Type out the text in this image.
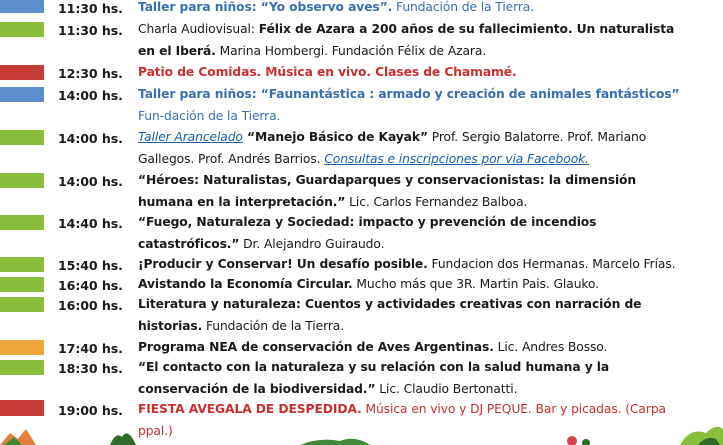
11:30 hs.	Taller para niños: “Yo observo aves”. Fundación de la Tierra.
11:30 hs.	Charla Audiovisual: Félix de Azara a 200 años de su fallecimiento. Un naturalista en el Iberá. Marina Hombergi. Fundación Félix de Azara.
12:30 hs.	Patio de Comidas. Música en vivo. Clases de Chamamé.
14:00 hs.	Taller para niños: “Faunantástica : armado y creación de animales fantásticos” Fun-dación de la Tierra.
14:00 hs.	Taller Arancelado “Manejo Básico de Kayak” Prof. Sergio Balatorre. Prof. Mariano Gallegos. Prof. Andrés Barrios. Consultas e inscripciones por via Facebook.
14:00 hs.	“Héroes: Naturalistas, Guardaparques y conservacionistas: la dimensión humana en la interpretación.” Lic. Carlos Fernandez Balboa.
14:40 hs.	“Fuego, Naturaleza y Sociedad: impacto y prevención de incendios catastróficos.” Dr. Alejandro Guiraudo.
15:40 hs.	¡Producir y Conservar! Un desafío posible. Fundacion dos Hermanas. Marcelo Frías.
16:40 hs.	Avistando la Economía Circular. Mucho más que 3R. Martin Pais. Glauko.
16:00 hs.	Literatura y naturaleza: Cuentos y actividades creativas con narración de historias. Fundación de la Tierra.
17:40 hs.	Programa NEA de conservación de Aves Argentinas. Lic. Andres Bosso.
18:30 hs.	“El contacto con la naturaleza y su relación con la salud humana y la conservación de la biodiversidad.” Lic. Claudio Bertonatti.
19:00 hs.	FIESTA AVEGALA DE DESPEDIDA. Música en vivo y DJ PEQUE. Bar y picadas. (Carpa ppal.)
